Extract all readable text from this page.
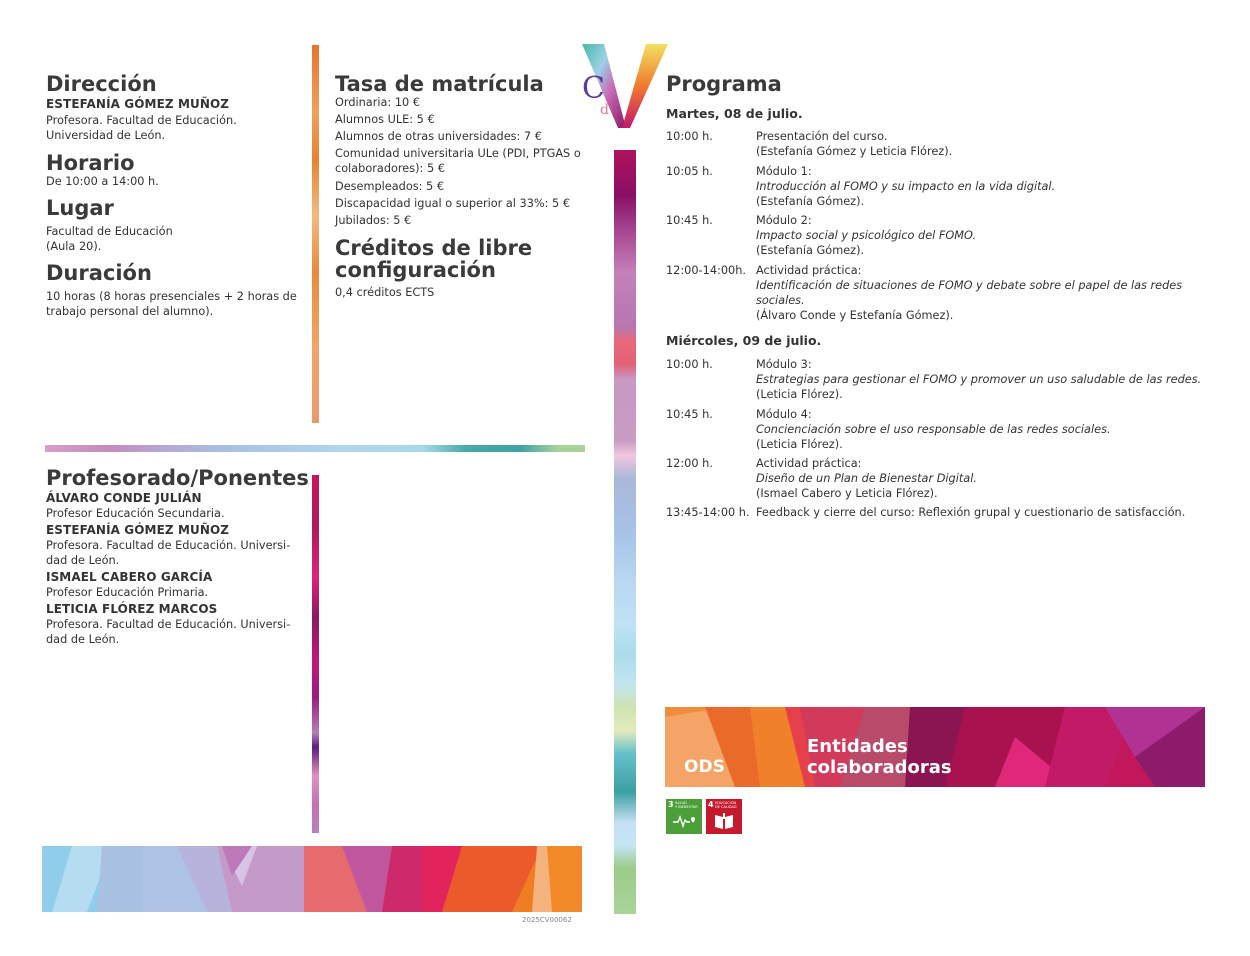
2025CV00062
C
d
Dirección
ESTEFANÍA GÓMEZ MUÑOZ
Profesora. Facultad de Educación.
Universidad de León.
Horario
De 10:00 a 14:00 h.
Lugar
Facultad de Educación
(Aula 20).
Duración
10 horas (8 horas presenciales + 2 horas de
trabajo personal del alumno).
Tasa de matrícula
Ordinaria: 10 €
Alumnos ULE: 5 €
Alumnos de otras universidades: 7 €
Comunidad universitaria ULe (PDI, PTGAS o
colaboradores): 5 €
Desempleados: 5 €
Discapacidad igual o superior al 33%: 5 €
Jubilados: 5 €
Créditos de libre
configuración
0,4 créditos ECTS
Profesorado/Ponentes
ÁLVARO CONDE JULIÁN
Profesor Educación Secundaria.
ESTEFANÍA GÓMEZ MUÑOZ
Profesora. Facultad de Educación. Universi-
dad de León.
ISMAEL CABERO GARCÍA
Profesor Educación Primaria.
LETICIA FLÓREZ MARCOS
Profesora. Facultad de Educación. Universi-
dad de León.
Programa
Martes, 08 de julio.
10:00 h.	Presentación del curso.
(Estefanía Gómez y Leticia Flórez).
10:05 h.	Módulo 1:
Introducción al FOMO y su impacto en la vida digital.
(Estefanía Gómez).
10:45 h.	Módulo 2:
Impacto social y psicológico del FOMO.
(Estefanía Gómez).
12:00-14:00h. Actividad práctica:
Identificación de situaciones de FOMO y debate sobre el papel de las redes
sociales.
(Álvaro Conde y Estefanía Gómez).
Miércoles, 09 de julio.
10:00 h.	Módulo 3:
Estrategias para gestionar el FOMO y promover un uso saludable de las redes.
(Leticia Flórez).
10:45 h.	Módulo 4:
Concienciación sobre el uso responsable de las redes sociales.
(Leticia Flórez).
12:00 h.	Actividad práctica:
Diseño de un Plan de Bienestar Digital.
(Ismael Cabero y Leticia Flórez).
13:45-14:00 h. Feedback y cierre del curso: Reflexión grupal y cuestionario de satisfacción.
ODS
Entidades
colaboradoras
3 SALUD
Y BIENESTAR 4 EDUCACIÓN
DE CALIDAD
